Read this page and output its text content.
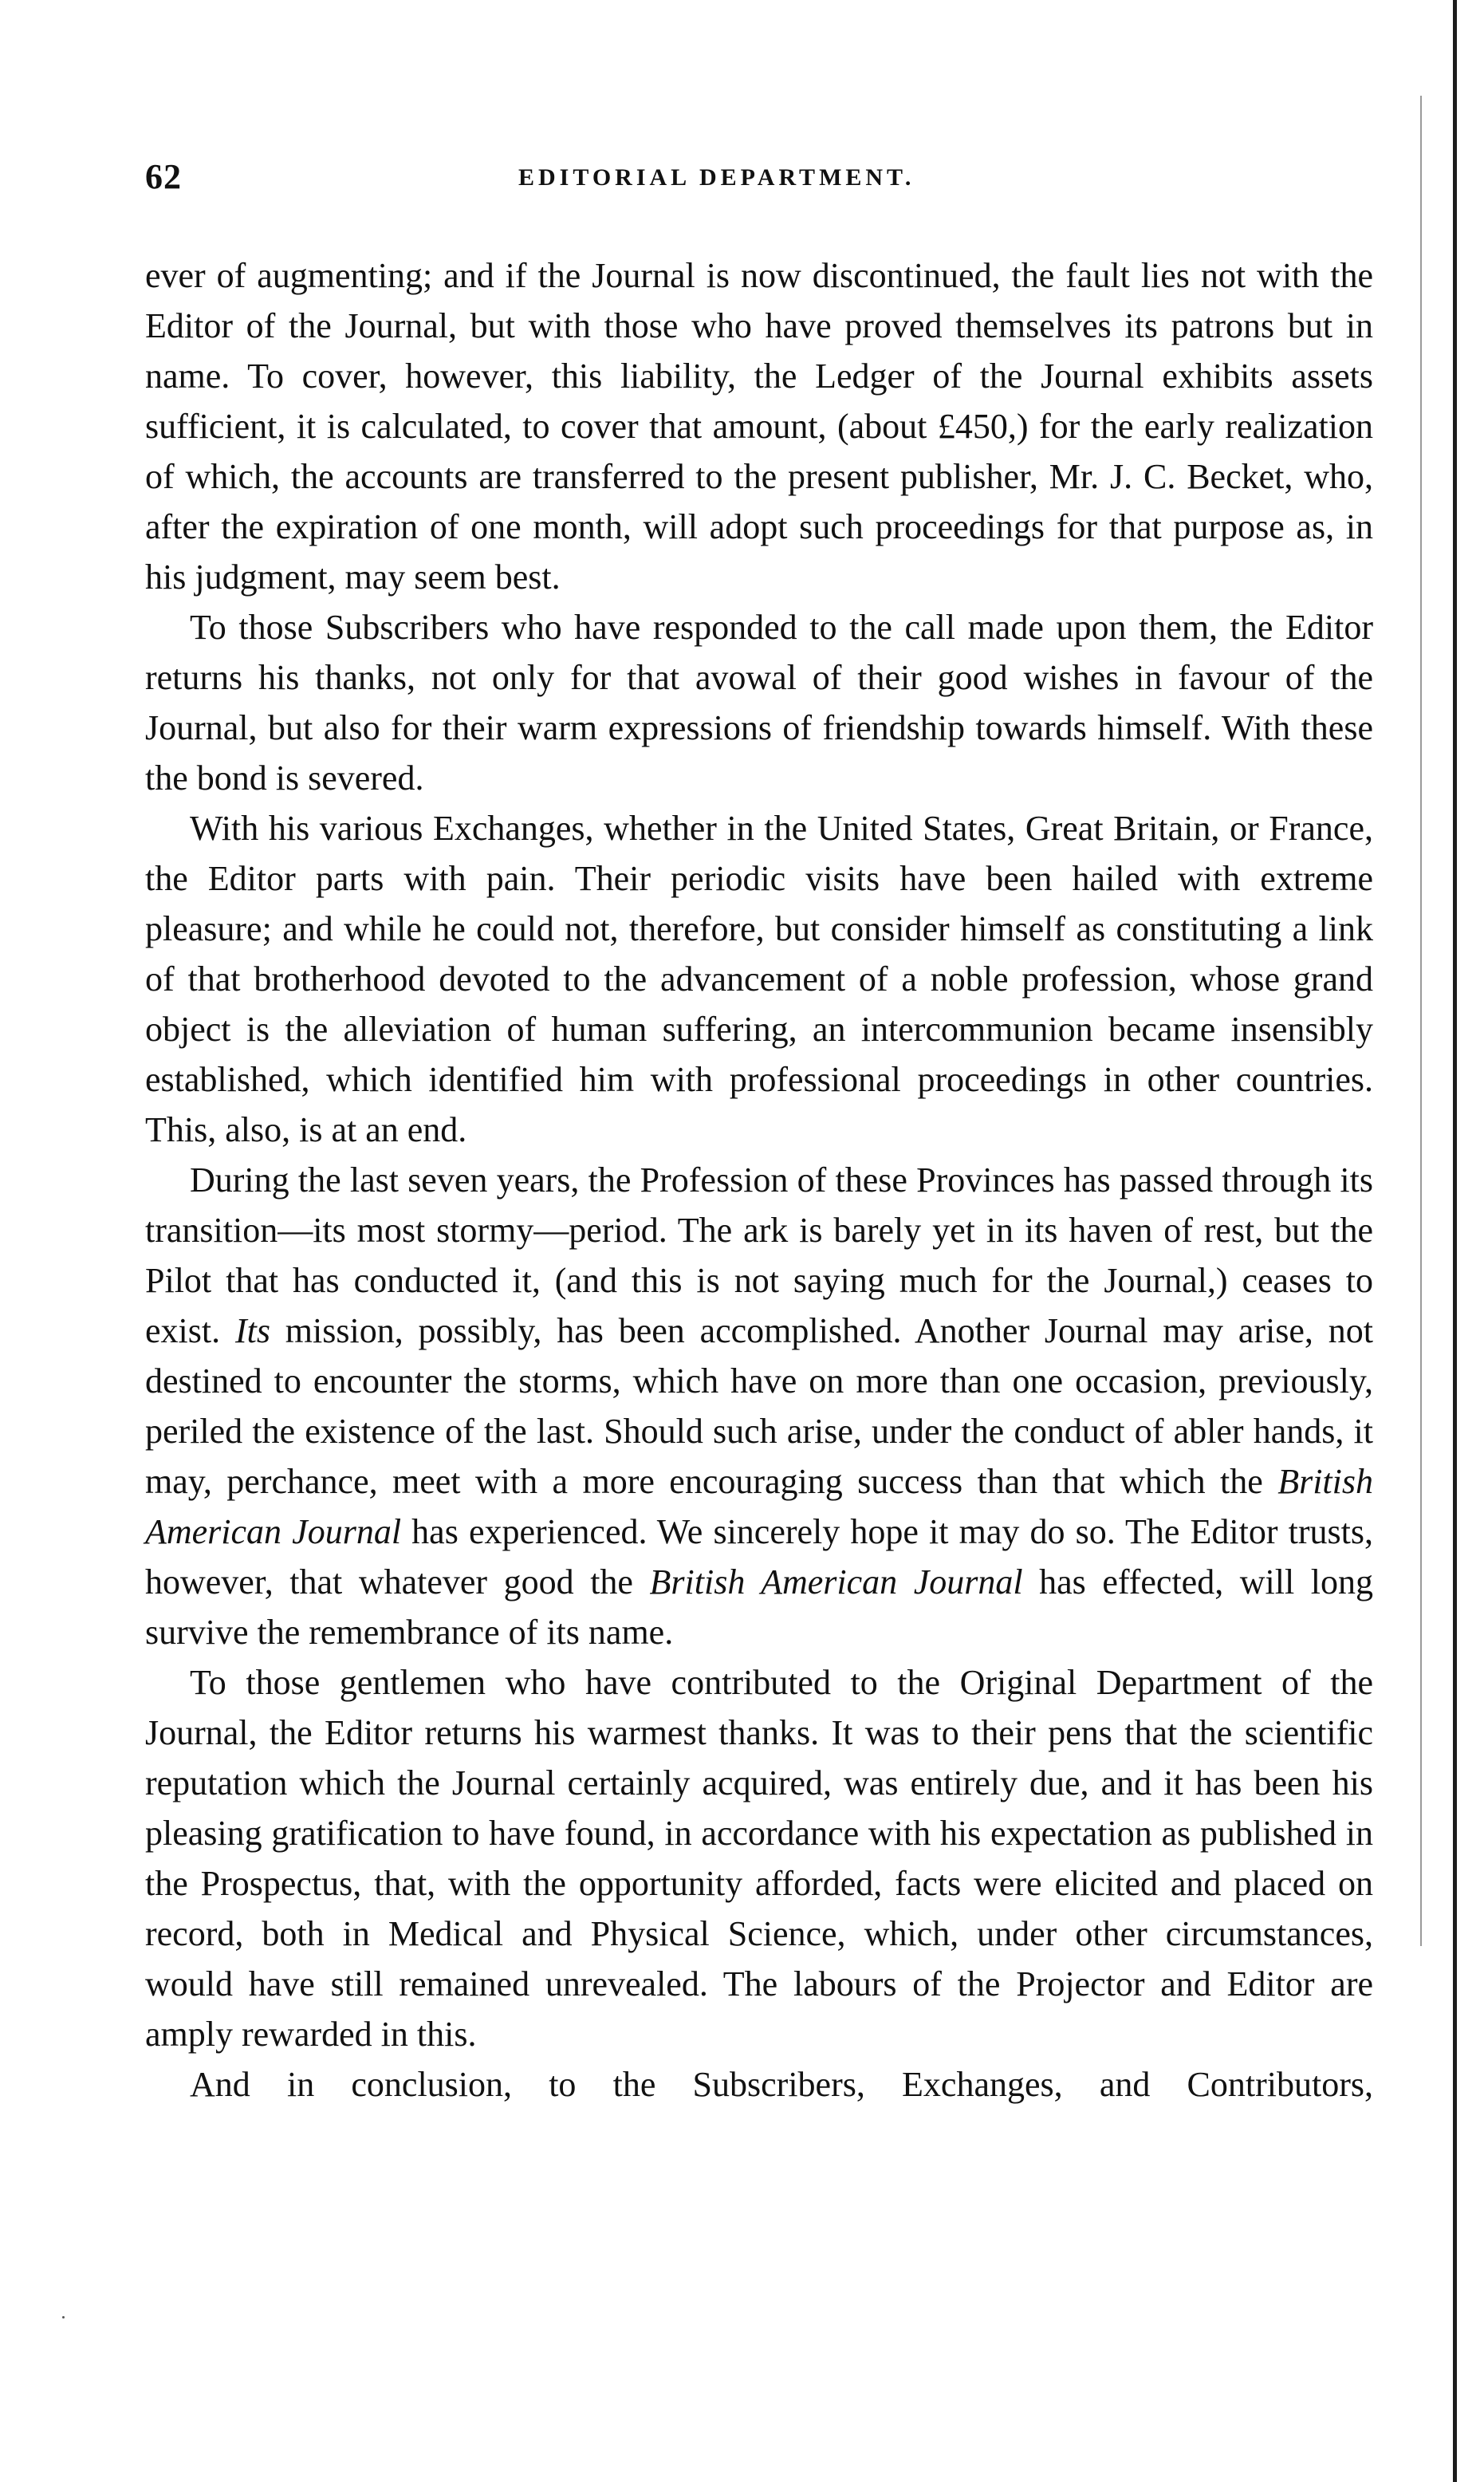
62	EDITORIAL DEPARTMENT.

ever of augmenting; and if the Journal is now discontinued, the fault lies not with the Editor of the Journal, but with those who have proved themselves its patrons but in name. To cover, however, this liability, the Ledger of the Journal exhibits assets sufficient, it is calculated, to cover that amount, (about £450,) for the early realization of which, the accounts are transferred to the present publisher, Mr. J. C. Becket, who, after the expiration of one month, will adopt such proceedings for that purpose as, in his judgment, may seem best.

To those Subscribers who have responded to the call made upon them, the Editor returns his thanks, not only for that avowal of their good wishes in favour of the Journal, but also for their warm expressions of friendship towards himself. With these the bond is severed.

With his various Exchanges, whether in the United States, Great Britain, or France, the Editor parts with pain. Their periodic visits have been hailed with extreme pleasure; and while he could not, therefore, but consider himself as constituting a link of that brotherhood devoted to the advancement of a noble profession, whose grand object is the alleviation of human suffering, an intercommunion became insensibly established, which identified him with professional proceedings in other countries. This, also, is at an end.

During the last seven years, the Profession of these Provinces has passed through its transition—its most stormy—period. The ark is barely yet in its haven of rest, but the Pilot that has conducted it, (and this is not saying much for the Journal,) ceases to exist. Its mission, possibly, has been accomplished. Another Journal may arise, not destined to encounter the storms, which have on more than one occasion, previously, periled the existence of the last. Should such arise, under the conduct of abler hands, it may, perchance, meet with a more encouraging success than that which the British American Journal has experienced. We sincerely hope it may do so. The Editor trusts, however, that whatever good the British American Journal has effected, will long survive the remembrance of its name.

To those gentlemen who have contributed to the Original Department of the Journal, the Editor returns his warmest thanks. It was to their pens that the scientific reputation which the Journal certainly acquired, was entirely due, and it has been his pleasing gratification to have found, in accordance with his expectation as published in the Prospectus, that, with the opportunity afforded, facts were elicited and placed on record, both in Medical and Physical Science, which, under other circumstances, would have still remained unrevealed. The labours of the Projector and Editor are amply rewarded in this.

And in conclusion, to the Subscribers, Exchanges, and Contributors,
